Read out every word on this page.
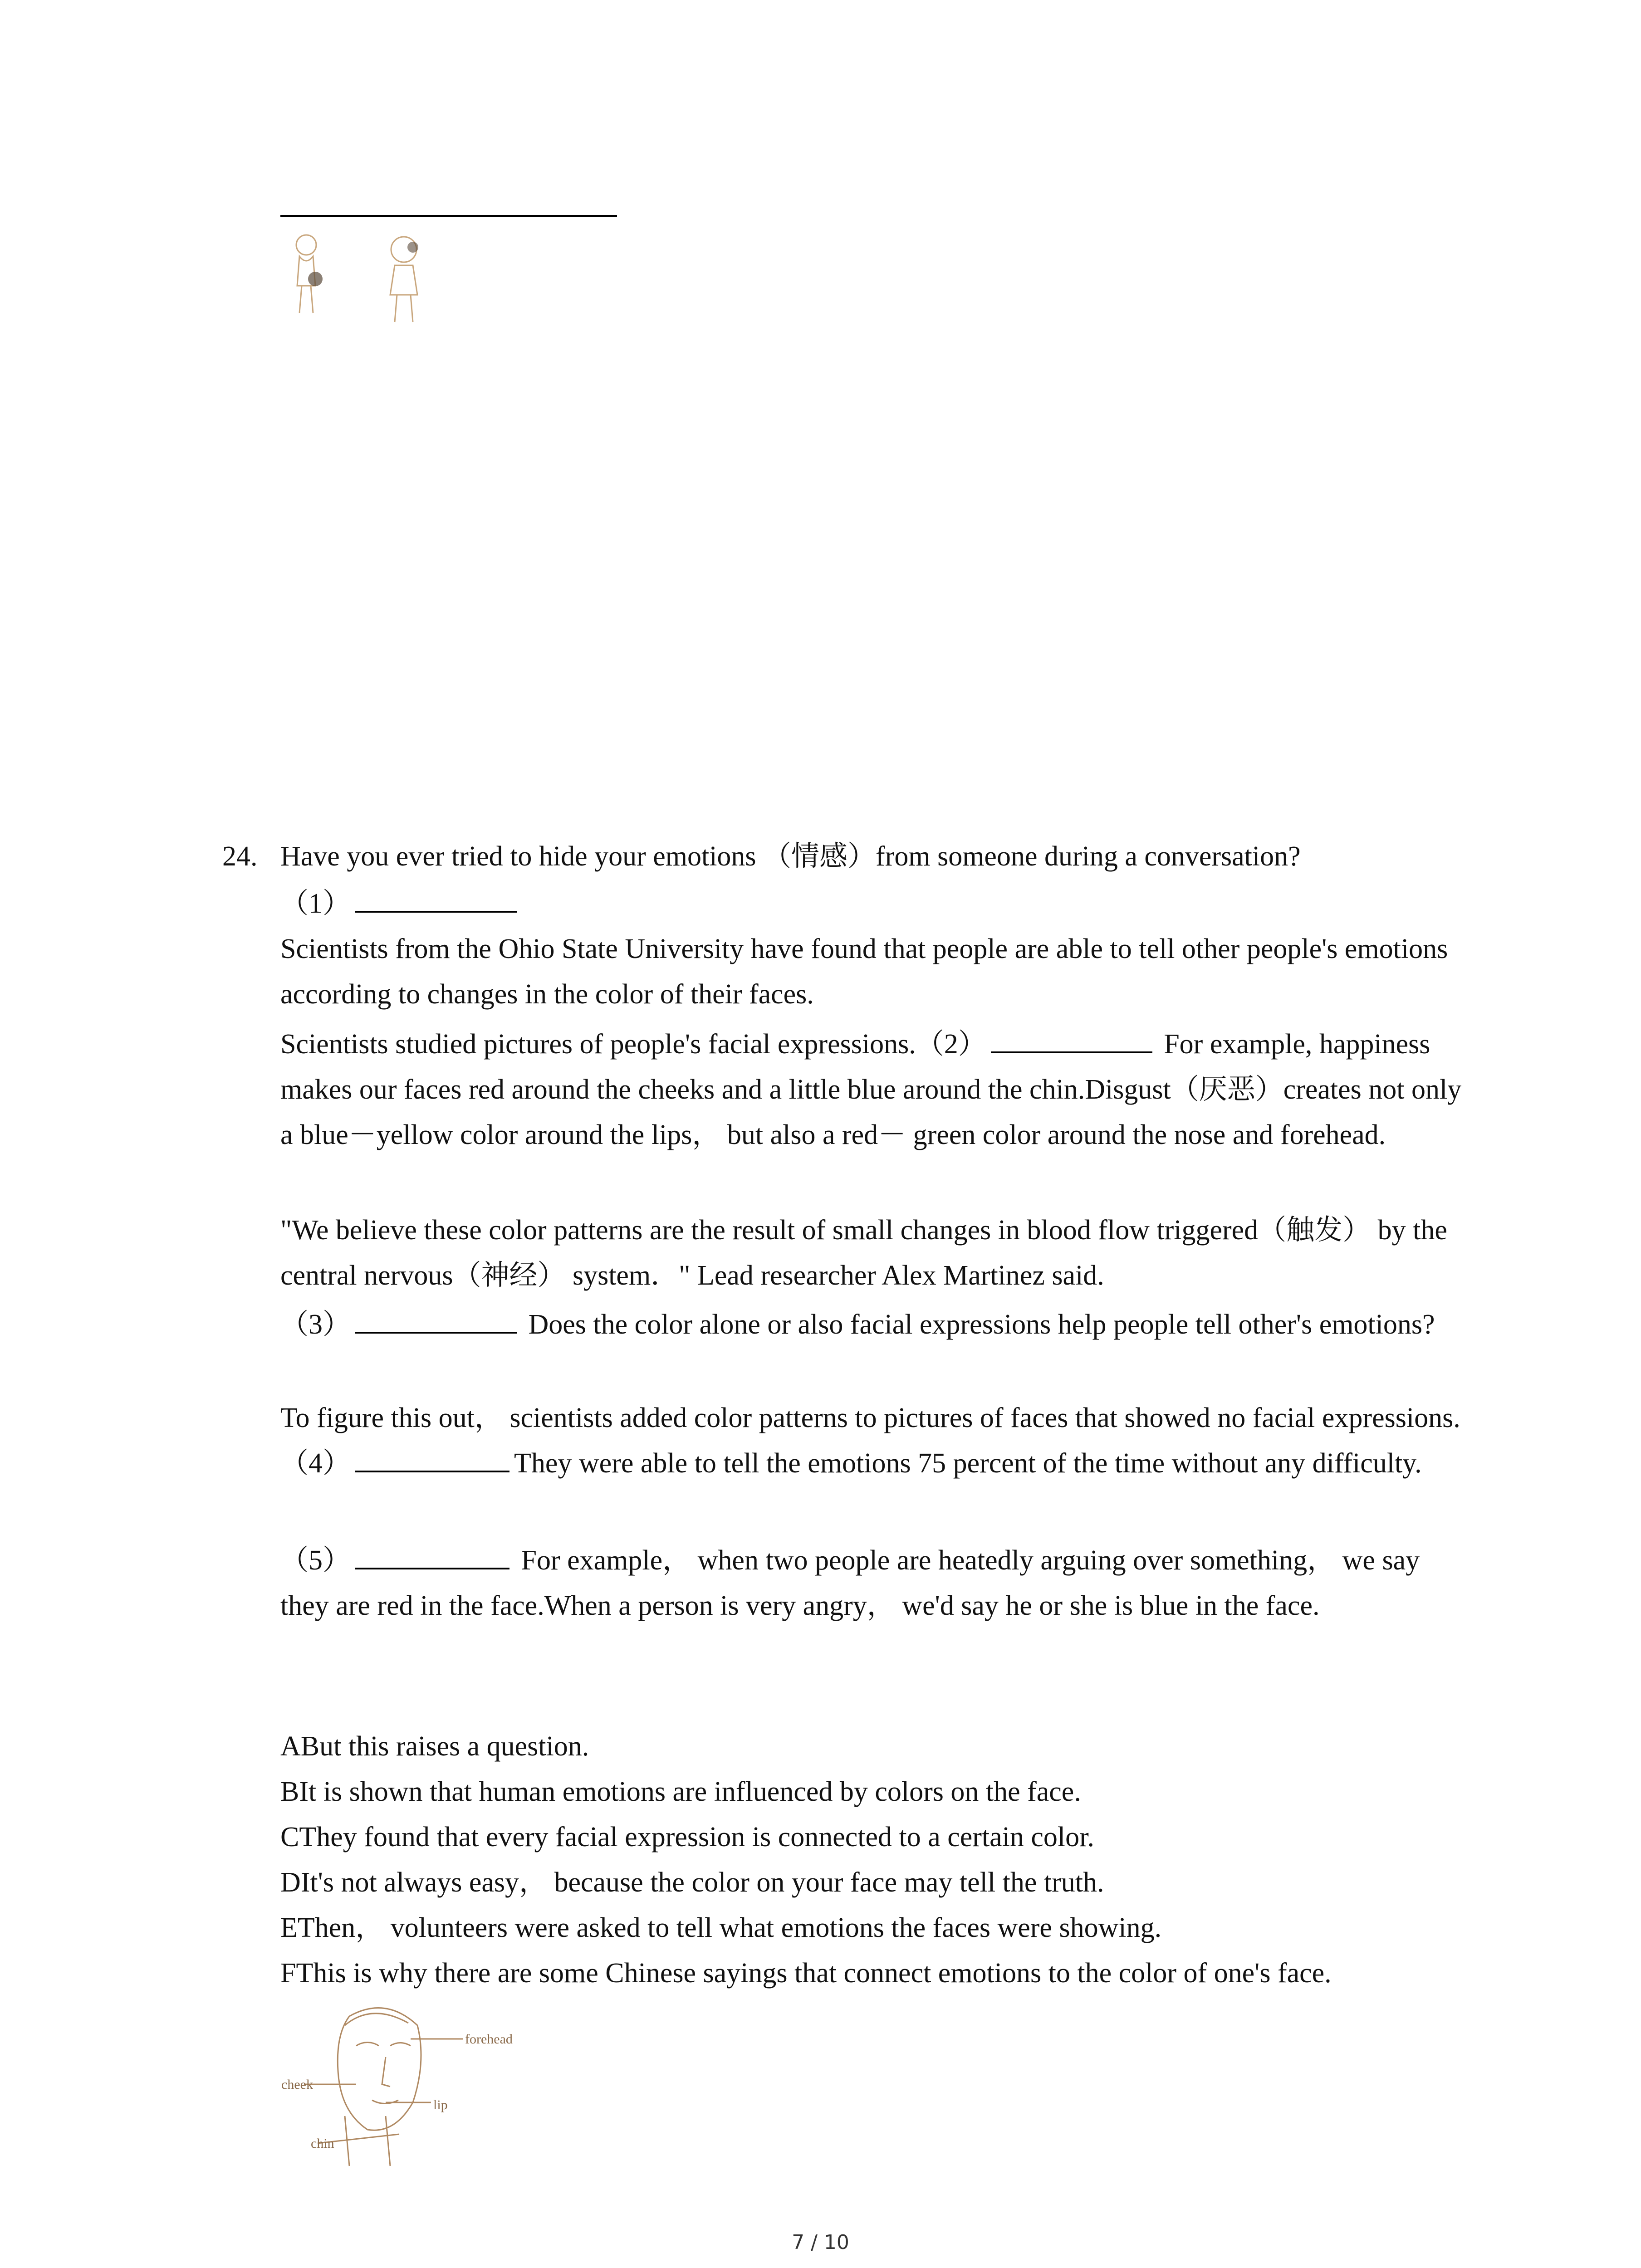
24. Have you ever tried to hide your emotions （情感）from someone during a conversation?
（1）
Scientists from the Ohio State University have found that people are able to tell other people's emotions according to changes in the color of their faces.
Scientists studied pictures of people's facial expressions.（2）	For example, happiness makes our faces red around the cheeks and a little blue around the chin.Disgust（厌恶）creates not only a blue－yellow color around the lips， but also a red－ green color around the nose and forehead.
"We believe these color patterns are the result of small changes in blood flow triggered（触发） by the central nervous（神经） system．" Lead researcher Alex Martinez said.
（3）	Does the color alone or also facial expressions help people tell other's emotions?
To figure this out， scientists added color patterns to pictures of faces that showed no facial expressions.（4）	They were able to tell the emotions 75 percent of the time without any difficulty.
（5）	For example， when two people are heatedly arguing over something， we say they are red in the face.When a person is very angry， we'd say he or she is blue in the face.
ABut this raises a question.
BIt is shown that human emotions are influenced by colors on the face.
CThey found that every facial expression is connected to a certain color.
DIt's not always easy， because the color on your face may tell the truth.
EThen， volunteers were asked to tell what emotions the faces were showing.
FThis is why there are some Chinese sayings that connect emotions to the color of one's face.
forehead
cheek
lip
chin
7 / 10
